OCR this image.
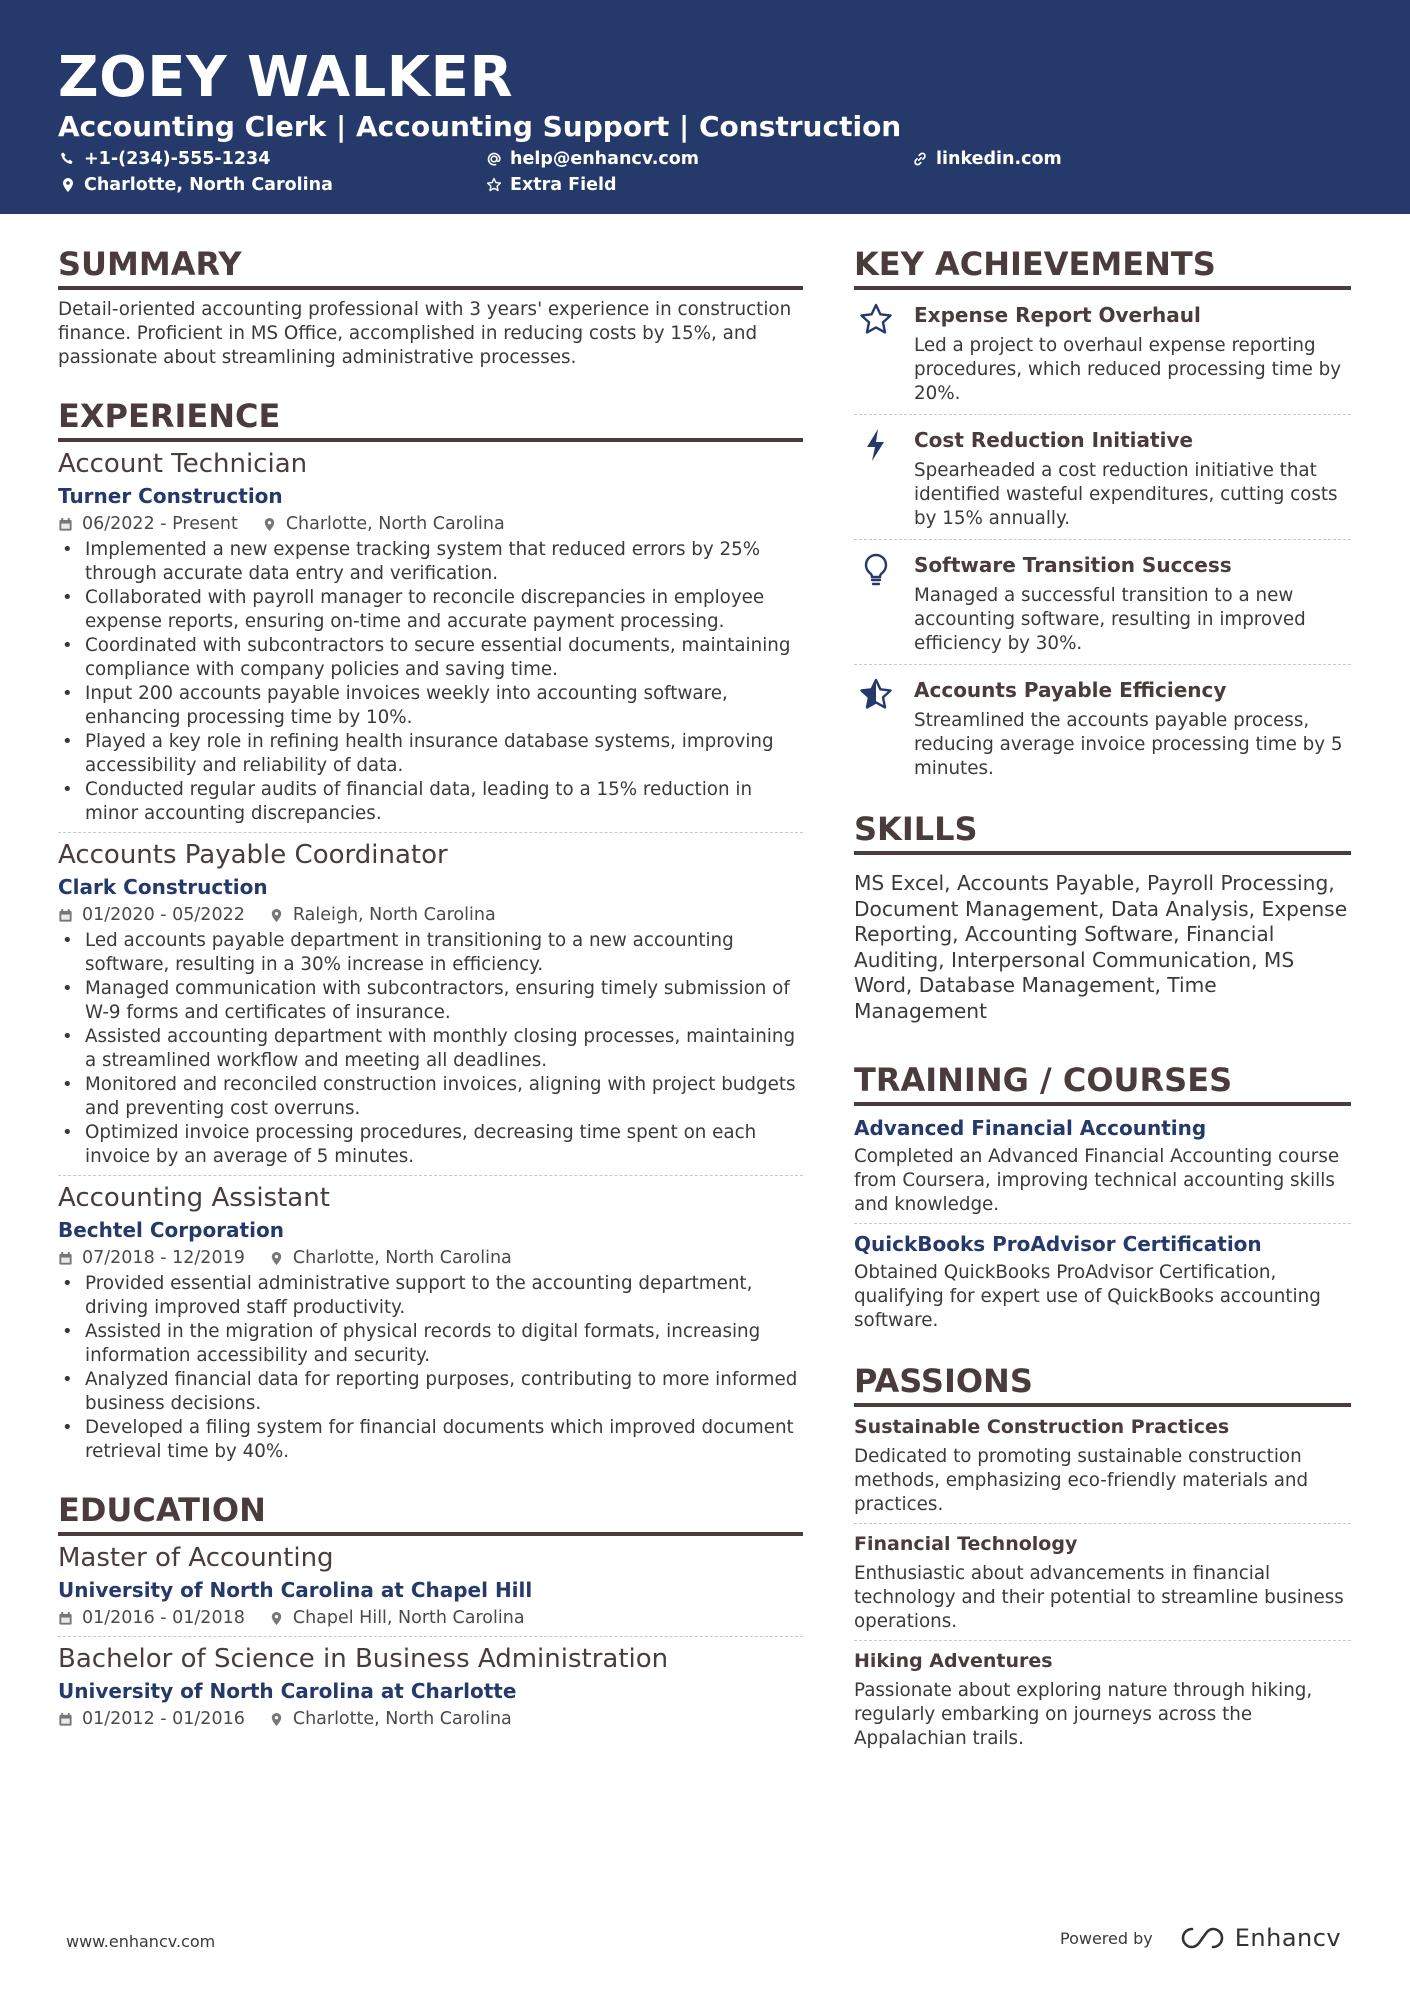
ZOEY WALKER
Accounting Clerk | Accounting Support | Construction
+1-(234)-555-1234	help@enhancv.com	linkedin.com
Charlotte, North Carolina	Extra Field
SUMMARY

Detail-oriented accounting professional with 3 years' experience in construction finance. Proficient in MS Office, accomplished in reducing costs by 15%, and passionate about streamlining administrative processes.

EXPERIENCE
Account Technician
Turner Construction
06/2022 - Present	Charlotte, North Carolina
• Implemented a new expense tracking system that reduced errors by 25% through accurate data entry and verification.
• Collaborated with payroll manager to reconcile discrepancies in employee expense reports, ensuring on-time and accurate payment processing.
• Coordinated with subcontractors to secure essential documents, maintaining compliance with company policies and saving time.
• Input 200 accounts payable invoices weekly into accounting software, enhancing processing time by 10%.
• Played a key role in refining health insurance database systems, improving accessibility and reliability of data.
• Conducted regular audits of financial data, leading to a 15% reduction in minor accounting discrepancies.
Accounts Payable Coordinator
Clark Construction
01/2020 - 05/2022	Raleigh, North Carolina
• Led accounts payable department in transitioning to a new accounting software, resulting in a 30% increase in efficiency.
• Managed communication with subcontractors, ensuring timely submission of W-9 forms and certificates of insurance.
• Assisted accounting department with monthly closing processes, maintaining a streamlined workflow and meeting all deadlines.
• Monitored and reconciled construction invoices, aligning with project budgets and preventing cost overruns.
• Optimized invoice processing procedures, decreasing time spent on each invoice by an average of 5 minutes.
Accounting Assistant
Bechtel Corporation
07/2018 - 12/2019	Charlotte, North Carolina
• Provided essential administrative support to the accounting department, driving improved staff productivity.
• Assisted in the migration of physical records to digital formats, increasing information accessibility and security.
• Analyzed financial data for reporting purposes, contributing to more informed business decisions.
• Developed a filing system for financial documents which improved document retrieval time by 40%.
EDUCATION
Master of Accounting
University of North Carolina at Chapel Hill
01/2016 - 01/2018	Chapel Hill, North Carolina
Bachelor of Science in Business Administration
University of North Carolina at Charlotte
01/2012 - 01/2016	Charlotte, North Carolina
KEY ACHIEVEMENTS
Expense Report Overhaul
Led a project to overhaul expense reporting procedures, which reduced processing time by 20%.
Cost Reduction Initiative
Spearheaded a cost reduction initiative that identified wasteful expenditures, cutting costs by 15% annually.
Software Transition Success
Managed a successful transition to a new accounting software, resulting in improved efficiency by 30%.
Accounts Payable Efficiency
Streamlined the accounts payable process, reducing average invoice processing time by 5 minutes.
SKILLS

MS Excel, Accounts Payable, Payroll Processing, Document Management, Data Analysis, Expense Reporting, Accounting Software, Financial Auditing, Interpersonal Communication, MS Word, Database Management, Time Management

TRAINING / COURSES
Advanced Financial Accounting
Completed an Advanced Financial Accounting course from Coursera, improving technical accounting skills and knowledge.
QuickBooks ProAdvisor Certification
Obtained QuickBooks ProAdvisor Certification, qualifying for expert use of QuickBooks accounting software.
PASSIONS
Sustainable Construction Practices
Dedicated to promoting sustainable construction methods, emphasizing eco-friendly materials and practices.
Financial Technology
Enthusiastic about advancements in financial technology and their potential to streamline business operations.
Hiking Adventures
Passionate about exploring nature through hiking, regularly embarking on journeys across the Appalachian trails.
www.enhancv.com	Powered by	Enhancv
